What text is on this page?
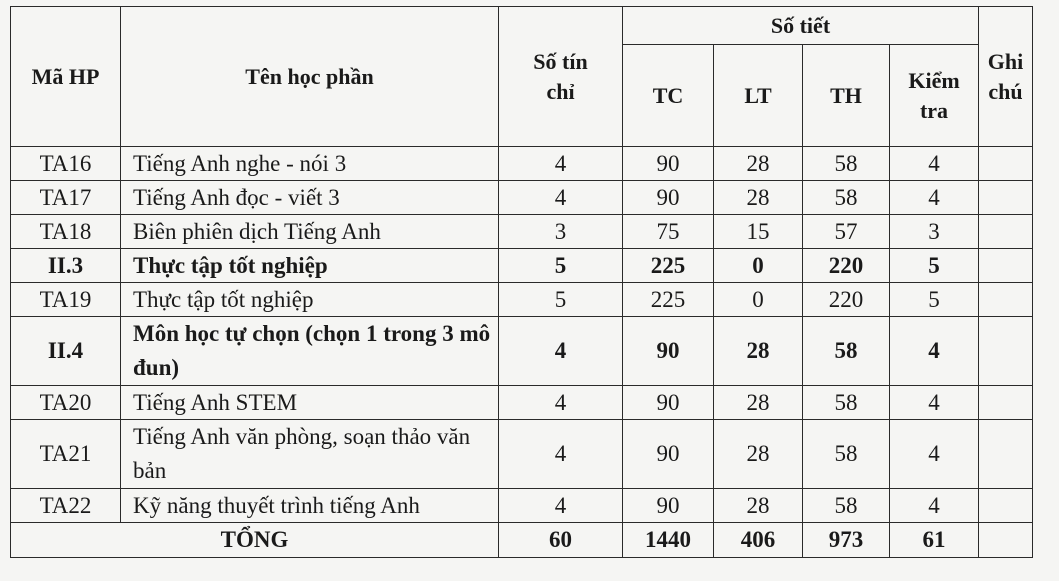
Mã HP	Tên học phần	Số tín chỉ	Số tiết				Ghi chú
			TC	LT	TH	Kiểm tra	
TA16	Tiếng Anh nghe - nói 3	4	90	28	58	4	
TA17	Tiếng Anh đọc - viết 3	4	90	28	58	4	
TA18	Biên phiên dịch Tiếng Anh	3	75	15	57	3	
II.3	Thực tập tốt nghiệp	5	225	0	220	5	
TA19	Thực tập tốt nghiệp	5	225	0	220	5	
II.4	Môn học tự chọn (chọn 1 trong 3 mô đun)	4	90	28	58	4	
TA20	Tiếng Anh STEM	4	90	28	58	4	
TA21	Tiếng Anh văn phòng, soạn thảo văn bản	4	90	28	58	4	
TA22	Kỹ năng thuyết trình tiếng Anh	4	90	28	58	4	
TỔNG		60	1440	406	973	61	
